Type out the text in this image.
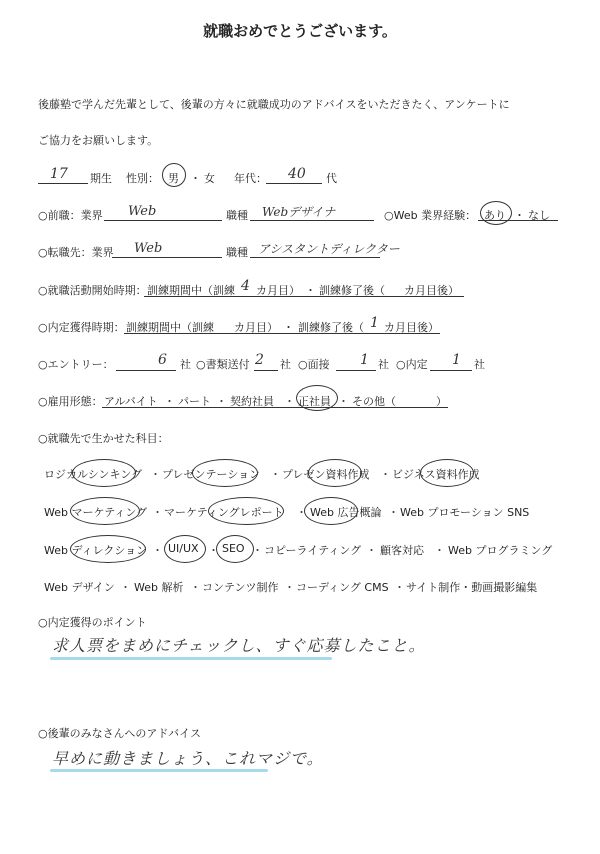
就職おめでとうございます。
後藤塾で学んだ先輩として、後輩の方々に就職成功のアドバイスをいただきたく、アンケートに
ご協力をお願いします。
17 期生 性別： 男 ・ 女 年代： 40 代
○前職：業界 Web	職種 Webデザイナ	○Web 業界経験： あり ・ なし
○転職先：業界 Web	職種 アシスタントディレクター
○就職活動開始時期： 訓練期間中（訓練 4 カ月目） ・ 訓練修了後（ カ月目後）
○内定獲得時期： 訓練期間中（訓練 カ月目） ・ 訓練修了後（ 1 カ月目後）
○エントリー：	6 社 ○書類送付 2 社 ○面接 1 社 ○内定 1 社
○雇用形態： アルバイト ・ パート ・ 契約社員 ・ 正社員 ・ その他（	）
○就職先で生かせた科目：
ロジカルシンキング ・ プレゼンテーション ・ プレゼン資料作成 ・ ビジネス資料作成
Web マーケティング ・ マーケティングレポート ・ Web 広告概論 ・ Web プロモーション SNS
Web ディレクション ・ UI/UX ・ SEO ・ コピーライティング ・ 顧客対応 ・ Web プログラミング
Web デザイン ・ Web 解析 ・ コンテンツ制作 ・ コーディング CMS ・ サイト制作・動画撮影編集
○内定獲得のポイント
求人票をまめにチェックし、すぐ応募したこと。
○後輩のみなさんへのアドバイス
早めに動きましょう、これマジで。
